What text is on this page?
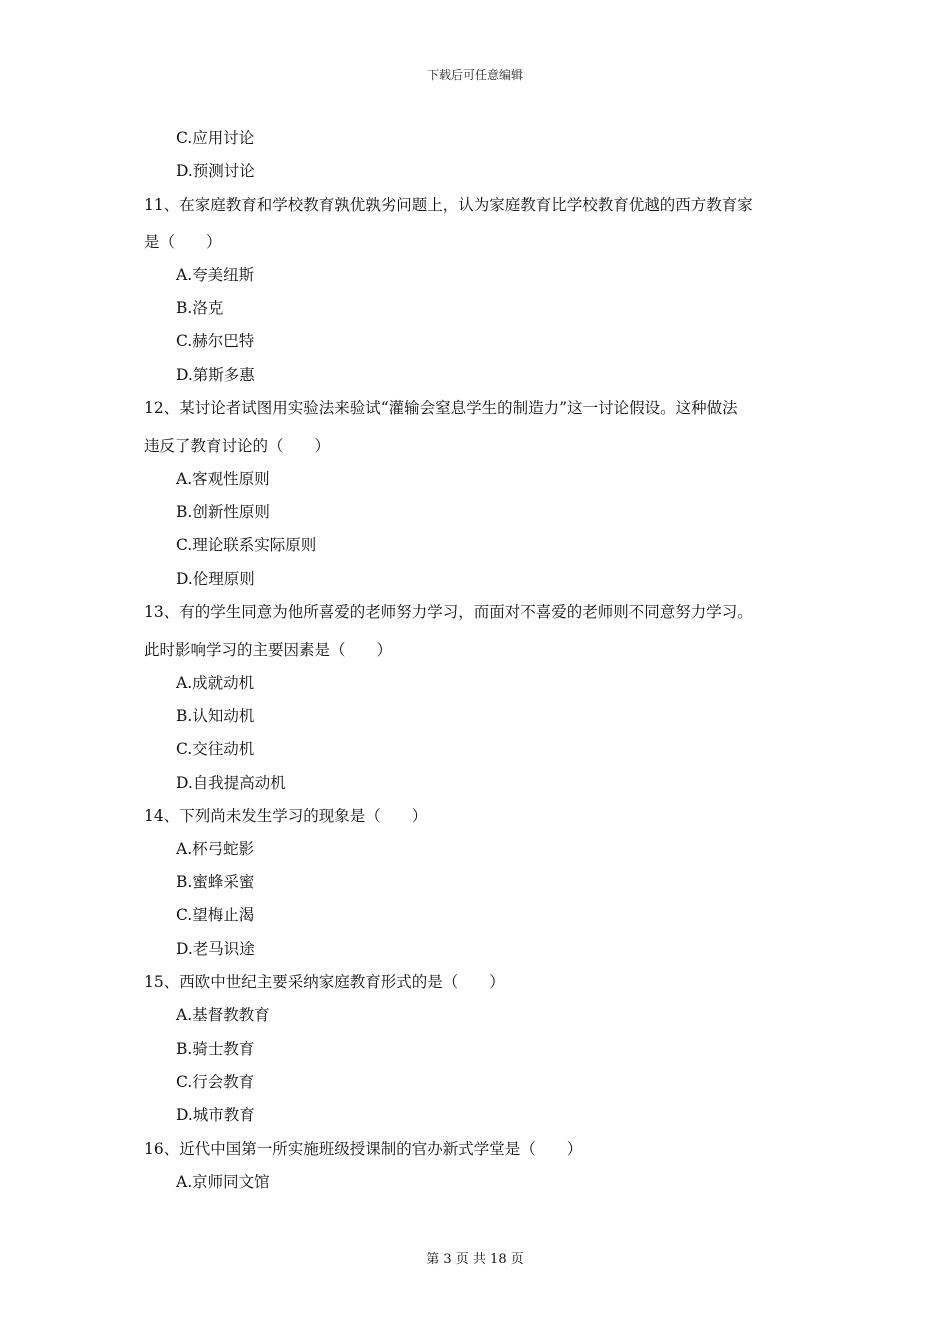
下载后可任意编辑
C.应用讨论
D.预测讨论
11、在家庭教育和学校教育孰优孰劣问题上，认为家庭教育比学校教育优越的西方教育家
是（　　）
A.夸美纽斯
B.洛克
C.赫尔巴特
D.第斯多惠
12、某讨论者试图用实验法来验试“灌输会窒息学生的制造力”这一讨论假设。这种做法
违反了教育讨论的（　　）
A.客观性原则
B.创新性原则
C.理论联系实际原则
D.伦理原则
13、有的学生同意为他所喜爱的老师努力学习，而面对不喜爱的老师则不同意努力学习。
此时影响学习的主要因素是（　　）
A.成就动机
B.认知动机
C.交往动机
D.自我提高动机
14、下列尚未发生学习的现象是（　　）
A.杯弓蛇影
B.蜜蜂采蜜
C.望梅止渴
D.老马识途
15、西欧中世纪主要采纳家庭教育形式的是（　　）
A.基督教教育
B.骑士教育
C.行会教育
D.城市教育
16、近代中国第一所实施班级授课制的官办新式学堂是（　　）
A.京师同文馆
第 3 页 共 18 页
